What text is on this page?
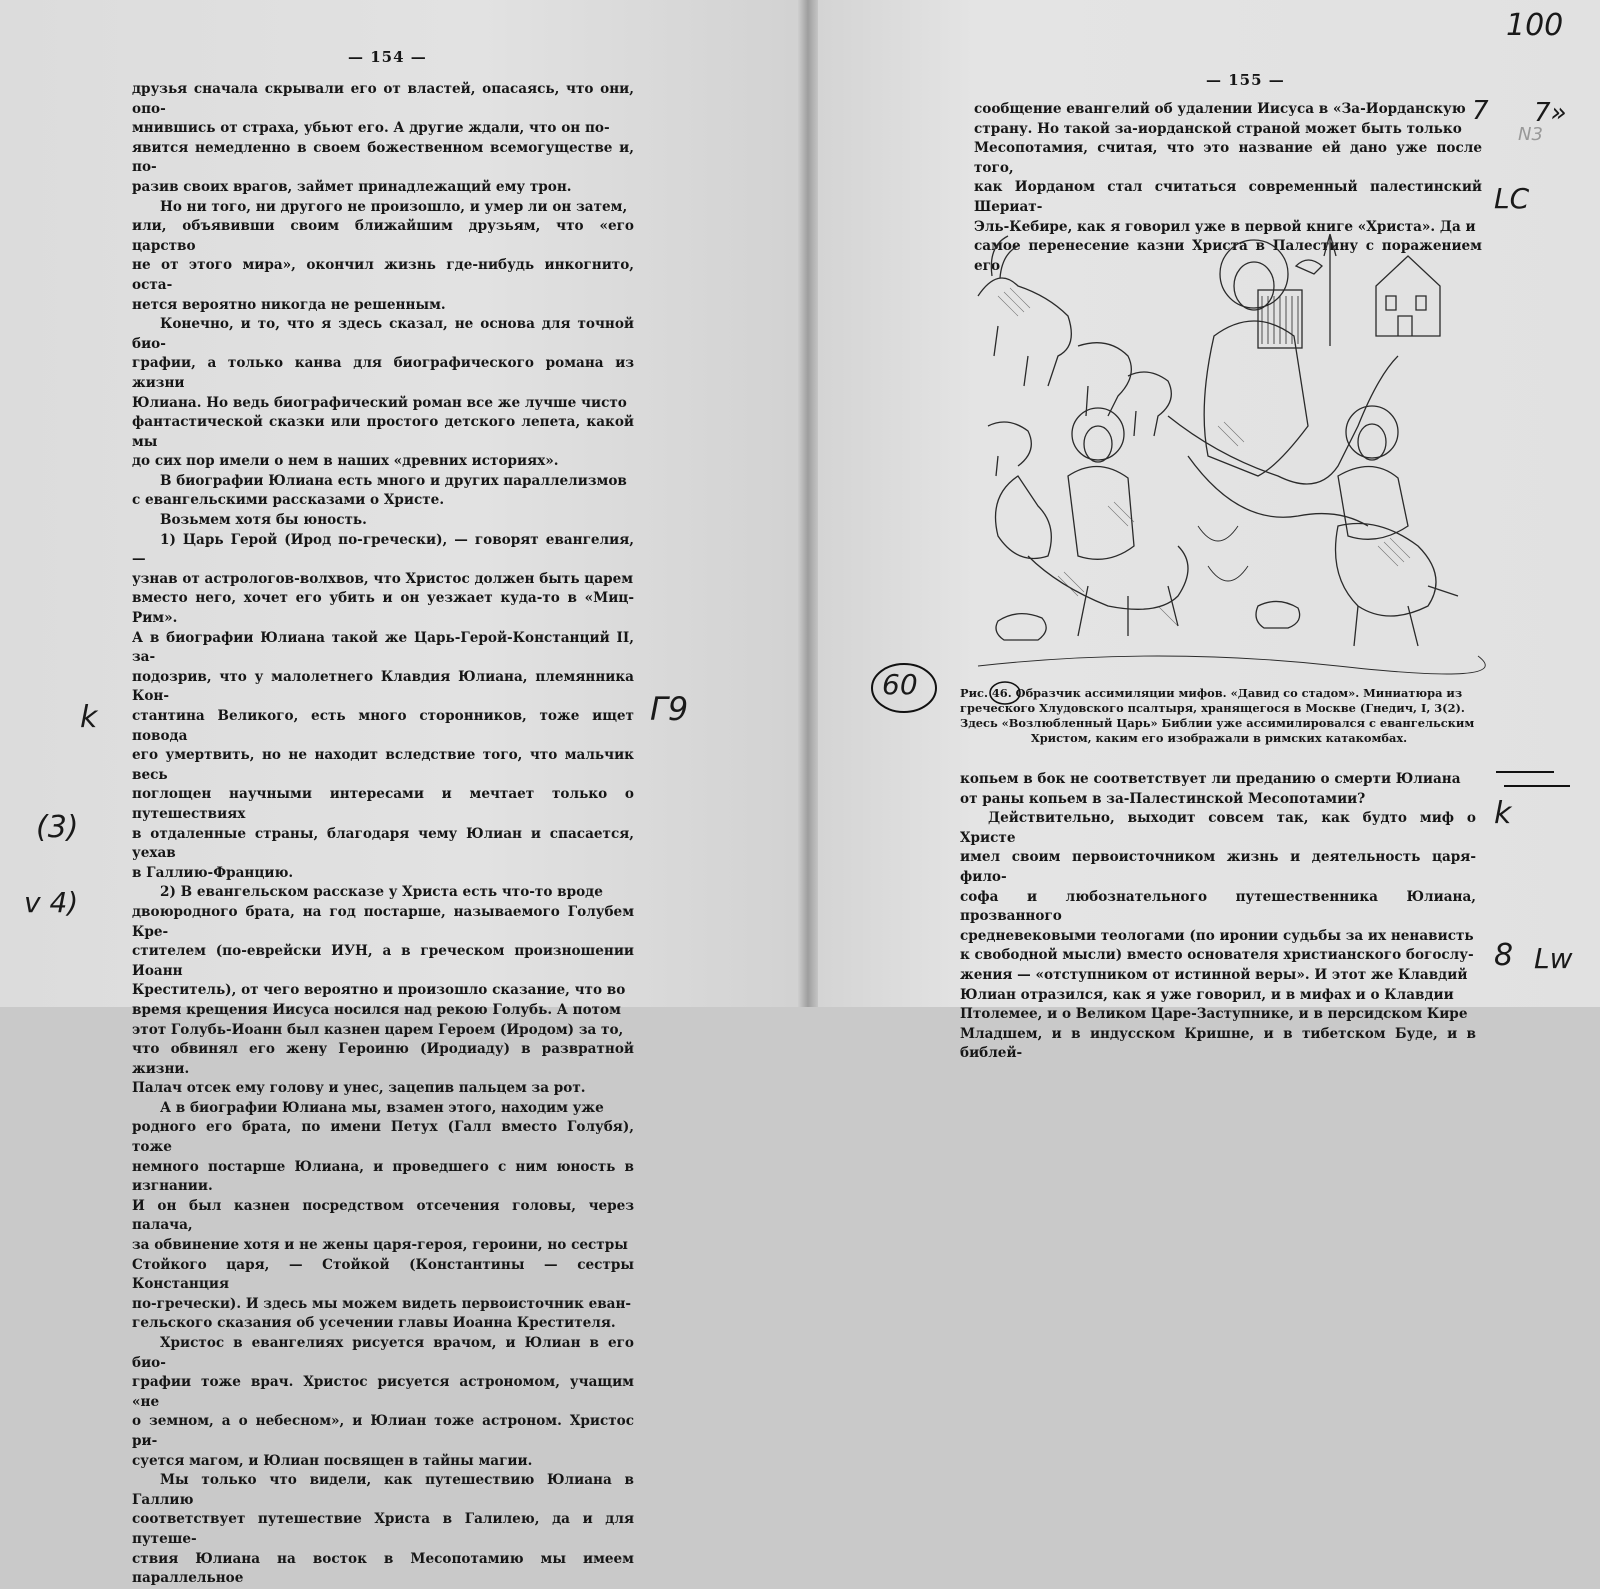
— 154 —

друзья сначала скрывали его от властей, опасаясь, что они, опо-

мнившись от страха, убьют его. А другие ждали, что он по-

явится немедленно в своем божественном всемогуществе и, по-

разив своих врагов, займет принадлежащий ему трон.

Но ни того, ни другого не произошло, и умер ли он затем,

или, объявивши своим ближайшим друзьям, что «его царство

не от этого мира», окончил жизнь где-нибудь инкогнито, оста-

нется вероятно никогда не решенным.

Конечно, и то, что я здесь сказал, не основа для точной био-

графии, а только канва для биографического романа из жизни

Юлиана. Но ведь биографический роман все же лучше чисто

фантастической сказки или простого детского лепета, какой мы

до сих пор имели о нем в наших «древних историях».

В биографии Юлиана есть много и других параллелизмов

с евангельскими рассказами о Христе.

Возьмем хотя бы юность.

1) Царь Герой (Ирод по-гречески), — говорят евангелия, —

узнав от астрологов-волхвов, что Христос должен быть царем

вместо него, хочет его убить и он уезжает куда-то в «Миц-Рим».

А в биографии Юлиана такой же Царь-Герой-Констанций II, за-

подозрив, что у малолетнего Клавдия Юлиана, племянника Кон-

стантина Великого, есть много сторонников, тоже ищет повода

его умертвить, но не находит вследствие того, что мальчик весь

поглощен научными интересами и мечтает только о путешествиях

в отдаленные страны, благодаря чему Юлиан и спасается, уехав

в Галлию-Францию.

2) В евангельском рассказе у Христа есть что-то вроде

двоюродного брата, на год постарше, называемого Голубем Кре-

стителем (по-еврейски ИУН, а в греческом произношении Иоанн

Креститель), от чего вероятно и произошло сказание, что во

время крещения Иисуса носился над рекою Голубь. А потом

этот Голубь-Иоанн был казнен царем Героем (Иродом) за то,

что обвинял его жену Героиню (Иродиаду) в развратной жизни.

Палач отсек ему голову и унес, зацепив пальцем за рот.

А в биографии Юлиана мы, взамен этого, находим уже

родного его брата, по имени Петух (Галл вместо Голубя), тоже

немного постарше Юлиана, и проведшего с ним юность в изгнании.

И он был казнен посредством отсечения головы, через палача,

за обвинение хотя и не жены царя-героя, героини, но сестры

Стойкого царя, — Стойкой (Константины — сестры Констанция

по-гречески). И здесь мы можем видеть первоисточник еван-

гельского сказания об усечении главы Иоанна Крестителя.

Христос в евангелиях рисуется врачом, и Юлиан в его био-

графии тоже врач. Христос рисуется астрономом, учащим «не

о земном, а о небесном», и Юлиан тоже астроном. Христос ри-

суется магом, и Юлиан посвящен в тайны магии.

Мы только что видели, как путешествию Юлиана в Галлию

соответствует путешествие Христа в Галилею, да и для путеше-

ствия Юлиана на восток в Месопотамию мы имеем параллельное

k
(3)
v 4)
Г9
— 155 —

сообщение евангелий об удалении Иисуса в «За-Иорданскую

страну. Но такой за-иорданской страной может быть только

Месопотамия, считая, что это название ей дано уже после того,

как Иорданом стал считаться современный палестинский Шериат-

Эль-Кебире, как я говорил уже в первой книге «Христа». Да и

самое перенесение казни Христа в Палестину с поражением его

Рис. 46. Образчик ассимиляции мифов. «Давид со стадом». Миниатюра из

греческого Хлудовского псалтыря, хранящегося в Москве (Гнедич, I, 3(2).

Здесь «Возлюбленный Царь» Библии уже ассимилировался с евангельским

Христом, каким его изображали в римских катакомбах.

копьем в бок не соответствует ли преданию о смерти Юлиана

от раны копьем в за-Палестинской Месопотамии?

Действительно, выходит совсем так, как будто миф о Христе

имел своим первоисточником жизнь и деятельность царя-фило-

софа и любознательного путешественника Юлиана, прозванного

средневековыми теологами (по иронии судьбы за их ненависть

к свободной мысли) вместо основателя христианского богослу-

жения — «отступником от истинной веры». И этот же Клавдий

Юлиан отразился, как я уже говорил, и в мифах и о Клавдии

Птолемее, и о Великом Царе-Заступнике, и в персидском Кире

Младшем, и в индусском Кришне, и в тибетском Буде, и в библей-

100
7 7»
N3
LC
k
8 Lw
60
